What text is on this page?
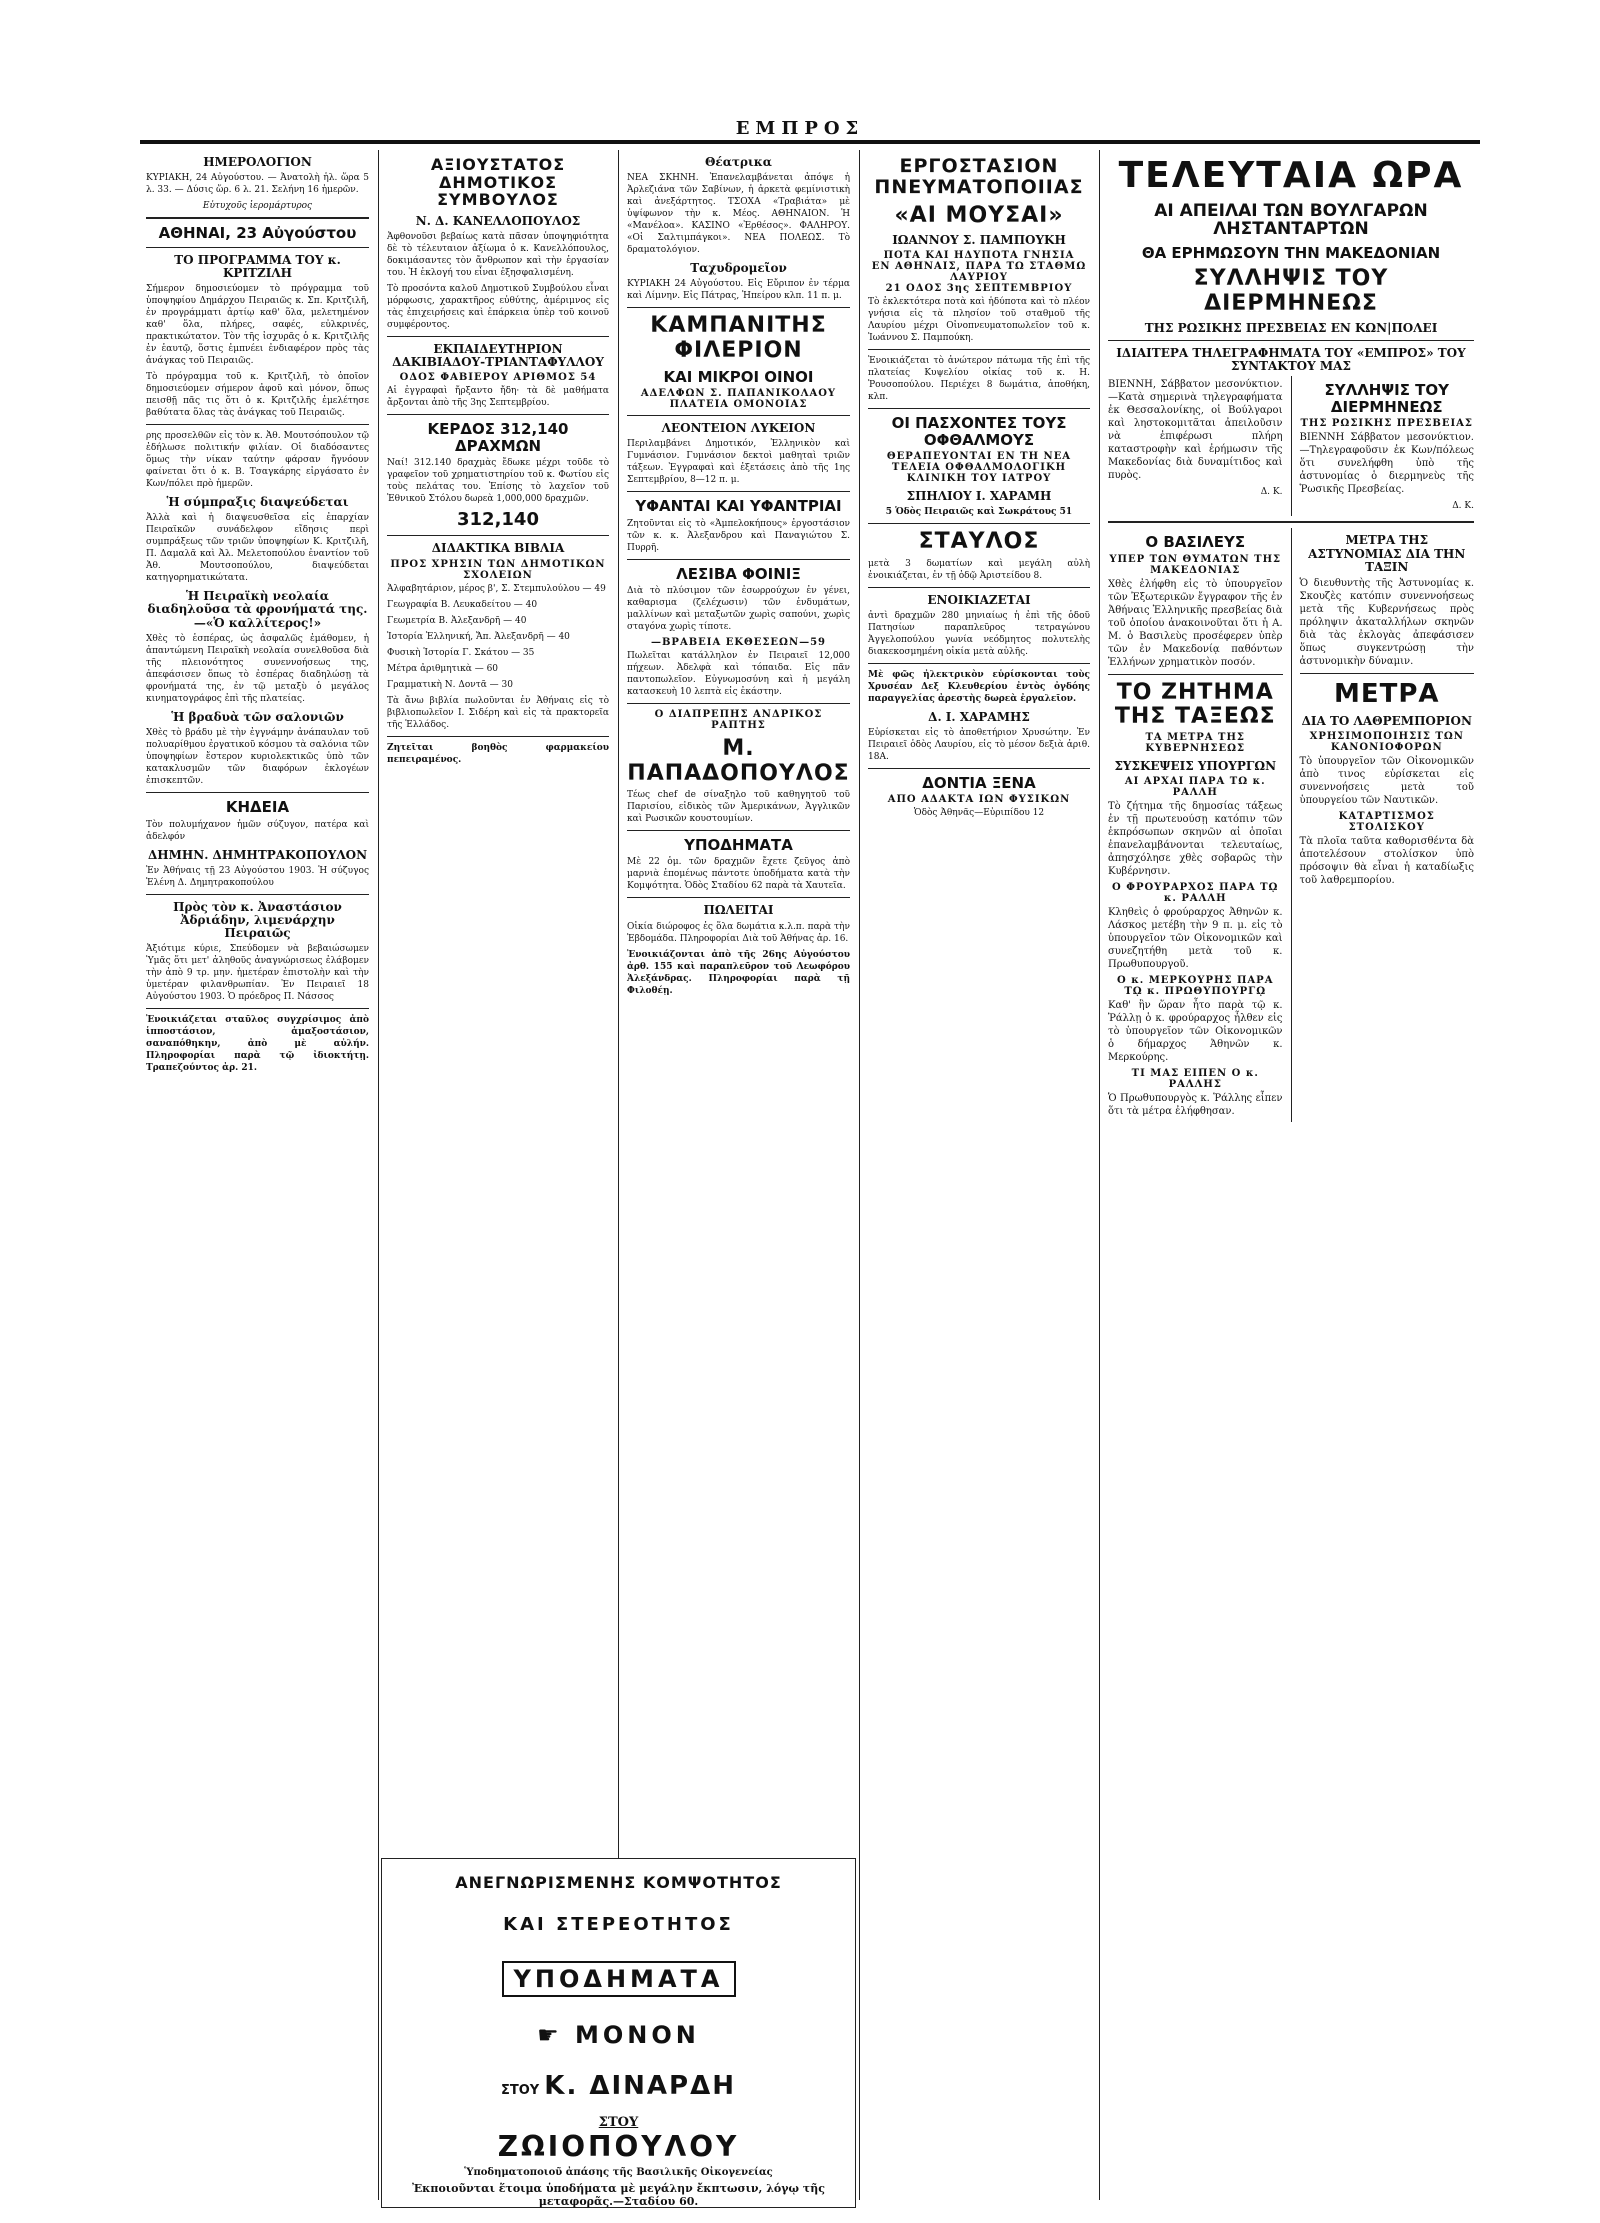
ΕΜΠΡΟΣ
ΗΜΕΡΟΛΟΓΙΟΝ
ΚΥΡΙΑΚΗ, 24 Αὐγούστου. — Ἀνατολὴ ἡλ. ὥρα 5 λ. 33. — Δύσις ὥρ. 6 λ. 21. Σελήνη 16 ἡμερῶν.
Εὐτυχοῦς ἱερομάρτυρος
ΑΘΗΝΑΙ, 23 Αὐγούστου
ΤΟ ΠΡΟΓΡΑΜΜΑ ΤΟΥ κ. ΚΡΙΤΖΙΛΗ
Σήμερον δημοσιεύομεν τὸ πρόγραμμα τοῦ ὑποψηφίου Δημάρχου Πειραιῶς κ. Σπ. Κριτζιλῆ, ἐν προγράμματι ἀρτίῳ καθ' ὅλα, μελετημένον καθ' ὅλα, πλήρες, σαφές, εὐλκρινές, πρακτικώτατον. Τὸν τῆς ἰσχυρᾶς ὁ κ. Κριτζιλῆς ἐν ἑαυτῷ, ὅστις ἐμπνέει ἐνδιαφέρον πρὸς τὰς ἀνάγκας τοῦ Πειραιῶς.
Τὸ πρόγραμμα τοῦ κ. Κριτζιλῆ, τὸ ὁποῖον δημοσιεύομεν σήμερον ἀφοῦ καὶ μόνον, ὅπως πεισθῇ πᾶς τις ὅτι ὁ κ. Κριτζιλῆς ἐμελέτησε βαθύτατα ὅλας τὰς ἀνάγκας τοῦ Πειραιῶς.
ρης προσελθῶν εἰς τὸν κ. Ἀθ. Μουτσόπουλον τῷ ἐδήλωσε πολιτικήν φιλίαν. Οἱ διαδόσαντες ὅμως τὴν νίκαν ταύτην φάρσαν ἤγνόουν φαίνεται ὅτι ὁ κ. Β. Τσαγκάρης εἰργάσατο ἐν Κων/πόλει πρὸ ἡμερῶν.
Ἡ σύμπραξις διαψεύδεται
Ἀλλὰ καὶ ἡ διαψευσθεῖσα εἰς ἐπαρχίαν Πειραϊκῶν συνάδελφον εἴδησις περὶ συμπράξεως τῶν τριῶν ὑποψηφίων Κ. Κριτζιλῆ, Π. Δαμαλᾶ καὶ Ἀλ. Μελετοπούλου ἐναντίον τοῦ Ἀθ. Μουτσοπούλου, διαψεύδεται κατηγορηματικώτατα.
Ἡ Πειραϊκὴ νεολαία διαδηλοῦσα τὰ φρονήματά της.—«Ὁ καλλίτερος!»
Χθὲς τὸ ἑσπέρας, ὡς ἀσφαλῶς ἐμάθομεν, ἡ ἀπαντώμενη Πειραϊκὴ νεολαία συνελθοῦσα διὰ τῆς πλειονότητος συνεννοήσεως της, ἀπεφάσισεν ὅπως τὸ ἐσπέρας διαδηλώσῃ τὰ φρονήματά της, ἐν τῷ μεταξὺ ὁ μεγάλος κινηματογράφος ἐπὶ τῆς πλατείας.
Ἡ βραδυὰ τῶν σαλονιῶν
Χθὲς τὸ βράδυ μὲ τὴν ἐγγνάμην ἀνάπαυλαν τοῦ πολυαρίθμου ἐργατικοῦ κόσμου τὰ σαλόνια τῶν ὑποψηφίων ἔστερον κυριολεκτικῶς ὑπὸ τῶν κατακλυσμῶν τῶν διαφόρων ἐκλογέων ἐπισκεπτῶν.
ΚΗΔΕΙΑ
Τὸν πολυμήχανον ἡμῶν σύζυγον, πατέρα καὶ ἀδελφόν
ΔΗΜΗΝ. ΔΗΜΗΤΡΑΚΟΠΟΥΛΟΝ
Ἐν Ἀθήναις τῇ 23 Αὐγούστου 1903. Ἡ σύζυγος Ἑλένη Δ. Δημητρακοπούλου
Πρὸς τὸν κ. Ἀναστάσιον Ἀδριάδην, λιμενάρχην Πειραιῶς
Ἀξιότιμε κύριε, Σπεύδομεν νὰ βεβαιώσωμεν Ὑμᾶς ὅτι μετ' ἀληθοῦς ἀναγνώρισεως ἐλάβομεν τὴν ἀπὸ 9 τρ. μην. ἡμετέραν ἐπιστολὴν καὶ τὴν ὑμετέραν φιλανθρωπίαν. Ἐν Πειραιεῖ 18 Αὐγούστου 1903. Ὁ πρόεδρος Π. Νάσσος
Ἐνοικιάζεται σταῦλος συγχρίσιμος ἀπὸ ἱπποστάσιον, ἁμαξοστάσιον, σαναπόθηκην, ἀπὸ μὲ αὐλήν. Πληροφορίαι παρὰ τῷ ἰδιοκτήτῃ. Τραπεζούντος ἀρ. 21.
ΑΞΙΟΥΣΤΑΤΟΣ ΔΗΜΟΤΙΚΟΣ ΣΥΜΒΟΥΛΟΣ
Ν. Δ. ΚΑΝΕΛΛΟΠΟΥΛΟΣ
Ἀφθονοῦσι βεβαίως κατὰ πᾶσαν ὑποψηφιότητα δὲ τὸ τέλευταιον ἀξίωμα ὁ κ. Κανελλόπουλος, δοκιμάσαντες τὸν ἄνθρωπον καὶ τὴν ἐργασίαν του. Ἡ ἐκλογή του εἶναι ἐξησφαλισμένη.
Τὸ προσόντα καλοῦ Δημοτικοῦ Συμβούλου εἶναι μόρφωσις, χαρακτῆρος εὐθύτης, ἀμέριμνος εἰς τὰς ἐπιχειρήσεις καὶ ἐπάρκεια ὑπὲρ τοῦ κοινοῦ συμφέροντος.
ΕΚΠΑΙΔΕΥΤΗΡΙΟΝ ΔΑΚΙΒΙΑΔΟΥ-ΤΡΙΑΝΤΑΦΥΛΛΟΥ
ΟΔΟΣ ΦΑΒΙΕΡΟΥ ΑΡΙΘΜΟΣ 54
Αἱ ἐγγραφαὶ ἤρξαντο ἤδη· τὰ δὲ μαθήματα ἄρξονται ἀπὸ τῆς 3ης Σεπτεμβρίου.
ΚΕΡΔΟΣ 312,140 ΔΡΑΧΜΩΝ
Ναί! 312.140 δραχμὰς ἔδωκε μέχρι τοῦδε τὸ γραφεῖον τοῦ χρηματιστηρίου τοῦ κ. Φωτίου εἰς τοὺς πελάτας του. Ἐπίσης τὸ λαχεῖον τοῦ Ἐθνικοῦ Στόλου δωρεὰ 1,000,000 δραχμῶν.
312,140
ΔΙΔΑΚΤΙΚΑ ΒΙΒΛΙΑ
ΠΡΟΣ ΧΡΗΣΙΝ ΤΩΝ ΔΗΜΟΤΙΚΩΝ ΣΧΟΛΕΙΩΝ
Ἀλφαβητάριον, μέρος β', Σ. Στεμπυλούλου — 49
Γεωγραφία Β. Λευκαδείτου — 40
Γεωμετρία Β. Ἀλεξανδρῆ — 40
Ἱστορία Ἑλληνική, Ἄπ. Ἀλεξανδρῆ — 40
Φυσικὴ Ἱστορία Γ. Σκάτου — 35
Μέτρα ἀριθμητικὰ — 60
Γραμματικὴ Ν. Δοντᾶ — 30
Τὰ ἄνω βιβλία πωλοῦνται ἐν Ἀθήναις εἰς τὸ βιβλιοπωλεῖον Ι. Σιδέρη καὶ εἰς τὰ πρακτορεῖα τῆς Ἑλλάδος.
Ζητεῖται βοηθὸς φαρμακείου πεπειραμένος.
Θέατρικα
ΝΕΑ ΣΚΗΝΗ. Ἐπανελαμβάνεται ἀπόψε ἡ Ἀρλεζιάνα τῶν Σαβίνων, ἡ ἀρκετὰ φεμίνιστικὴ καὶ ἀνεξάρτητος. ΤΣΟΧΑ «Τραβιάτα» μὲ ὑψίφωνον τὴν κ. Μέος. ΑΘΗΝΑΙΟΝ. Ἡ «Μανέλοα». ΚΑΣΙΝΟ «Ἐρθέσος». ΦΑΛΗΡΟΥ. «Οἱ Σαλτιμπάγκοι». ΝΕΑ ΠΟΛΕΩΣ. Τὸ δραματολόγιον.
Ταχυδρομεῖον
ΚΥΡΙΑΚΗ 24 Αὐγούστου. Εἰς Εὔριπον ἐν τέρμα καὶ Λίμνην. Εἰς Πάτρας, Ἡπείρου κλπ. 11 π. μ.
ΚΑΜΠΑΝΙΤΗΣ ΦΙΛΕΡΙΟΝ
ΚΑΙ ΜΙΚΡΟΙ ΟΙΝΟΙ
ΑΔΕΛΦΩΝ Σ. ΠΑΠΑΝΙΚΟΛΑΟΥ
ΠΛΑΤΕΙΑ ΟΜΟΝΟΙΑΣ
ΛΕΟΝΤΕΙΟΝ ΛΥΚΕΙΟΝ
Περιλαμβάνει Δημοτικόν, Ἑλληνικὸν καὶ Γυμνάσιον. Γυμνάσιον δεκτοὶ μαθηταὶ τριῶν τάξεων. Ἐγγραφαὶ καὶ ἐξετάσεις ἀπὸ τῆς 1ης Σεπτεμβρίου, 8—12 π. μ.
ΥΦΑΝΤΑΙ ΚΑΙ ΥΦΑΝΤΡΙΑΙ
Ζητοῦνται εἰς τὸ «Ἀμπελοκήπους» ἐργοστάσιον τῶν κ. κ. Ἀλεξανδρου καὶ Παναγιώτου Σ. Πυρρῆ.
ΛΕΣΙΒΑ ΦΟΙΝΙΞ
Διὰ τὸ πλύσιμον τῶν ἐσωρρούχων ἐν γένει, καθαρισμα (ζελέχωσιν) τῶν ἐνδυμάτων, μαλλίνων καὶ μεταξωτῶν χωρὶς σαπούνι, χωρὶς σταγόνα χωρὶς τίποτε.
—ΒΡΑΒΕΙΑ ΕΚΘΕΣΕΩΝ—59
Πωλεῖται κατάλληλον ἐν Πειραιεῖ 12,000 πήχεων. Ἀδελφὰ καὶ τόπαιδα. Εἰς πᾶν παντοπωλεῖον. Εὐγνωμοσύνη καὶ ἡ μεγάλη κατασκευὴ 10 λεπτὰ εἰς ἐκάστην.
Ο ΔΙΑΠΡΕΠΗΣ ΑΝΔΡΙΚΟΣ ΡΑΠΤΗΣ
Μ. ΠΑΠΑΔΟΠΟΥΛΟΣ
Τέως chef de σίναξηλο τοῦ καθηγητοῦ τοῦ Παρισίου, εἰδικὸς τῶν Ἀμερικάνων, Ἀγγλικῶν καὶ Ρωσικῶν κουστουμίων.
ΥΠΟΔΗΜΑΤΑ
Μὲ 22 ὁμ. τῶν δραχμῶν ἔχετε ζεῦγος ἀπὸ μαρνιὰ ἐπομένως πάντοτε ὑποδήματα κατὰ τὴν Κομψότητα. Ὁδὸς Σταδίου 62 παρὰ τὰ Χαυτεῖα.
ΠΩΛΕΙΤΑΙ
Οἰκία διώροφος ἐς ὅλα δωμάτια κ.λ.π. παρὰ τὴν Ἑβδομάδα. Πληροφορίαι Διὰ τοῦ Ἀθήνας ἀρ. 16.
Ἐνοικιάζονται ἀπὸ τῆς 26ης Αὐγούστου ἀρθ. 155 καὶ παραπλεῦρον τοῦ Λεωφόρου Ἀλεξάνδρας. Πληροφορίαι παρὰ τῇ Φιλοθέῃ.
ΕΡΓΟΣΤΑΣΙΟΝ ΠΝΕΥΜΑΤΟΠΟΙΙΑΣ
«ΑΙ ΜΟΥΣΑΙ»
ΙΩΑΝΝΟΥ Σ. ΠΑΜΠΟΥΚΗ
ΠΟΤΑ ΚΑΙ ΗΔΥΠΟΤΑ ΓΝΗΣΙΑ
ΕΝ ΑΘΗΝΑΙΣ, ΠΑΡΑ ΤΩ ΣΤΑΘΜΩ ΛΑΥΡΙΟΥ
21 ΟΔΟΣ 3ης ΣΕΠΤΕΜΒΡΙΟΥ
Τὸ ἐκλεκτότερα ποτὰ καὶ ἡδύποτα καὶ τὸ πλέον γνήσια εἰς τὰ πλησίον τοῦ σταθμοῦ τῆς Λαυρίου μέχρι Οἰνοπνευματοπωλεῖον τοῦ κ. Ἰωάννου Σ. Παμπούκη.
Ἐνοικιάζεται τὸ ἀνώτερον πάτωμα τῆς ἐπὶ τῆς πλατείας Κυψελίου οἰκίας τοῦ κ. Η. Ῥουσοπούλου. Περιέχει 8 δωμάτια, ἀποθήκη, κλπ.
ΟΙ ΠΑΣΧΟΝΤΕΣ ΤΟΥΣ ΟΦΘΑΛΜΟΥΣ
ΘΕΡΑΠΕΥΟΝΤΑΙ ΕΝ ΤΗ ΝΕΑ ΤΕΛΕΙΑ ΟΦΘΑΛΜΟΛΟΓΙΚΗ ΚΛΙΝΙΚΗ ΤΟΥ ΙΑΤΡΟΥ
ΣΠΗΛΙΟΥ Ι. ΧΑΡΑΜΗ
5 Ὁδὸς Πειραιῶς καὶ Σωκράτους 51
ΣΤΑΥΛΟΣ
μετὰ 3 δωματίων καὶ μεγάλη αὐλὴ ἐνοικιάζεται, ἐν τῇ ὁδῷ Ἀριστείδου 8.
ΕΝΟΙΚΙΑΖΕΤΑΙ
ἀντὶ δραχμῶν 280 μηνιαίως ἡ ἐπὶ τῆς ὁδοῦ Πατησίων παραπλεῦρος τετραγώνου Ἀγγελοπούλου γωνία νεόδμητος πολυτελὴς διακεκοσμημένη οἰκία μετὰ αὐλῆς.
Μὲ φῶς ἠλεκτρικὸν εὑρίσκονται τοὺς Χρυσέαν Δεξ Κλευθερίου ἐντὸς ὀγδόης παραγγελίας ἀρεστὴς δωρεὰ ἐργαλεῖον.
Δ. Ι. ΧΑΡΑΜΗΣ
Εὑρίσκεται εἰς τὸ ἀποθετήριον Χρυσώτην. Ἐν Πειραιεῖ ὁδὸς Λαυρίου, εἰς τὸ μέσον δεξιὰ ἀριθ. 18Α.
ΔΟΝΤΙΑ ΞΕΝΑ
ΑΠΟ ΑΔΑΚΤΑ ΙΩΝ ΦΥΣΙΚΩΝ
Ὁδὸς Ἀθηνᾶς—Εὐριπίδου 12
ΤΕΛΕΥΤΑΙΑ ΩΡΑ
ΑΙ ΑΠΕΙΛΑΙ ΤΩΝ ΒΟΥΛΓΑΡΩΝ ΛΗΣΤΑΝΤΑΡΤΩΝ
ΘΑ ΕΡΗΜΩΣΟΥΝ ΤΗΝ ΜΑΚΕΔΟΝΙΑΝ
ΣΥΛΛΗΨΙΣ ΤΟΥ ΔΙΕΡΜΗΝΕΩΣ
ΤΗΣ ΡΩΣΙΚΗΣ ΠΡΕΣΒΕΙΑΣ ΕΝ ΚΩΝ|ΠΟΛΕΙ
ΙΔΙΑΙΤΕΡΑ ΤΗΛΕΓΡΑΦΗΜΑΤΑ ΤΟΥ «ΕΜΠΡΟΣ» ΤΟΥ ΣΥΝΤΑΚΤΟΥ ΜΑΣ
ΒΙΕΝΝΗ, Σάββατον μεσονύκτιον.—Κατὰ σημερινὰ τηλεγραφήματα ἐκ Θεσσαλονίκης, οἱ Βούλγαροι καὶ ληστοκομιτᾶται ἀπειλοῦσιν νὰ ἐπιφέρωσι πλήρη καταστροφὴν καὶ ἐρήμωσιν τῆς Μακεδονίας διὰ δυναμίτιδος καὶ πυρὸς.
Δ. Κ.
ΣΥΛΛΗΨΙΣ ΤΟΥ ΔΙΕΡΜΗΝΕΩΣ
ΤΗΣ ΡΩΣΙΚΗΣ ΠΡΕΣΒΕΙΑΣ
ΒΙΕΝΝΗ Σάββατον μεσονύκτιον.—Τηλεγραφοῦσιν ἐκ Κων/πόλεως ὅτι συνελήφθη ὑπὸ τῆς ἀστυνομίας ὁ διερμηνεὺς τῆς Ῥωσικῆς Πρεσβείας.
Δ. Κ.
Ο ΒΑΣΙΛΕΥΣ
ΥΠΕΡ ΤΩΝ ΘΥΜΑΤΩΝ ΤΗΣ ΜΑΚΕΔΟΝΙΑΣ
Χθὲς ἐλήφθη εἰς τὸ ὑπουργεῖον τῶν Ἐξωτερικῶν ἔγγραφον τῆς ἐν Ἀθήναις Ἑλληνικῆς πρεσβείας διὰ τοῦ ὁποίου ἀνακοινοῦται ὅτι ἡ Α. Μ. ὁ Βασιλεὺς προσέφερεν ὑπὲρ τῶν ἐν Μακεδονίᾳ παθόντων Ἑλλήνων χρηματικὸν ποσόν.
ΤΟ ΖΗΤΗΜΑ ΤΗΣ ΤΑΞΕΩΣ
ΤΑ ΜΕΤΡΑ ΤΗΣ ΚΥΒΕΡΝΗΣΕΩΣ
ΣΥΣΚΕΨΕΙΣ ΥΠΟΥΡΓΩΝ
ΑΙ ΑΡΧΑΙ ΠΑΡΑ ΤΩ κ. ΡΑΛΛΗ
Τὸ ζήτημα τῆς δημοσίας τάξεως ἐν τῇ πρωτευούσῃ κατόπιν τῶν ἐκπρόσωπων σκηνῶν αἱ ὁποῖαι ἐπανελαμβάνονται τελευταίως, ἀπησχόλησε χθὲς σοβαρῶς τὴν Κυβέρνησιν.
Ο ΦΡΟΥΡΑΡΧΟΣ ΠΑΡΑ Τῼ κ. ΡΑΛΛΗ
Κληθεὶς ὁ φρούραρχος Ἀθηνῶν κ. Λάσκος μετέβη τὴν 9 π. μ. εἰς τὸ ὑπουργεῖον τῶν Οἰκονομικῶν καὶ συνεζητήθη μετὰ τοῦ κ. Πρωθυπουργοῦ.
Ο κ. ΜΕΡΚΟΥΡΗΣ ΠΑΡΑ Τῼ κ. ΠΡΩΘΥΠΟΥΡΓῼ
Καθ' ἣν ὥραν ἦτο παρὰ τῷ κ. Ῥάλλῃ ὁ κ. φρούραρχος ἦλθεν εἰς τὸ ὑπουργεῖον τῶν Οἰκονομικῶν ὁ δήμαρχος Ἀθηνῶν κ. Μερκούρης.
ΤΙ ΜΑΣ ΕΙΠΕΝ Ο κ. ΡΑΛΛΗΣ
Ὁ Πρωθυπουργὸς κ. Ῥάλλης εἶπεν ὅτι τὰ μέτρα ἐλήφθησαν.
ΜΕΤΡΑ ΤΗΣ ΑΣΤΥΝΟΜΙΑΣ ΔΙΑ ΤΗΝ ΤΑΞΙΝ
Ὁ διευθυντὴς τῆς Ἀστυνομίας κ. Σκουζὲς κατόπιν συνεννοήσεως μετὰ τῆς Κυβερνήσεως πρὸς πρόληψιν ἀκαταλλήλων σκηνῶν διὰ τὰς ἐκλογὰς ἀπεφάσισεν ὅπως συγκεντρώσῃ τὴν ἀστυνομικὴν δύναμιν.
ΜΕΤΡΑ
ΔΙΑ ΤΟ ΛΑΘΡΕΜΠΟΡΙΟΝ
ΧΡΗΣΙΜΟΠΟΙΗΣΙΣ ΤΩΝ ΚΑΝΟΝΙΟΦΟΡΩΝ
Τὸ ὑπουργεῖον τῶν Οἰκονομικῶν ἀπὸ τινος εὑρίσκεται εἰς συνεννοήσεις μετὰ τοῦ ὑπουργείου τῶν Ναυτικῶν.
ΚΑΤΑΡΤΙΣΜΟΣ ΣΤΟΛΙΣΚΟΥ
Τὰ πλοῖα ταῦτα καθορισθέντα δὰ ἀποτελέσουν στολίσκον ὑπὸ πρόσοψιν θὰ εἶναι ἡ καταδίωξις τοῦ λαθρεμπορίου.
ΑΝΕΓΝΩΡΙΣΜΕΝΗΣ ΚΟΜΨΟΤΗΤΟΣ
ΚΑΙ ΣΤΕΡΕΟΤΗΤΟΣ
ΥΠΟΔΗΜΑΤΑ
☛ ΜΟΝΟΝ
ΣΤΟΥ Κ. ΔΙΝΑΡΔΗ
ΣΤΟΥ
ΖΩΙΟΠΟΥΛΟΥ
Ὑποδηματοποιοῦ ἀπάσης τῆς Βασιλικῆς Οἰκογενείας
Ἐκποιοῦνται ἕτοιμα ὑποδήματα μὲ μεγάλην ἔκπτωσιν, λόγῳ τῆς μεταφορᾶς.—Σταδίου 60.
